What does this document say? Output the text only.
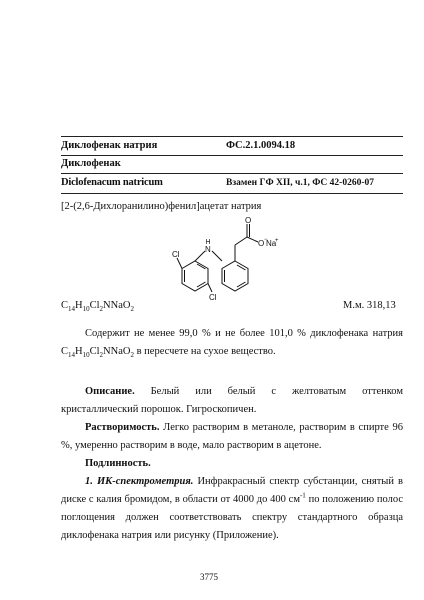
Диклофенак натрия	ФС.2.1.0094.18
Диклофенак
Diclofenacum natricum	Взамен ГФ XII, ч.1, ФС 42-0260-07
[2-(2,6-Дихлоранилино)фенил]ацетат натрия
O
O −
Na
+
N
H
Cl
Cl
$C_{14}H_{10}Cl_2NNaO_2$	М.м. 318,13
Содержит не менее 99,0 % и не более 101,0 % диклофенака натрия $C_{14}H_{10}Cl_2NNaO_2$ в пересчете на сухое вещество.
Описание. Белый или белый с желтоватым оттенком кристаллический порошок. Гигроскопичен.
Растворимость. Легко растворим в метаноле, растворим в спирте 96 %, умеренно растворим в воде, мало растворим в ацетоне.
Подлинность.
1. ИК-спектрометрия. Инфракрасный спектр субстанции, снятый в диске с калия бромидом, в области от 4000 до 400 $см^{-1}$ по положению полос поглощения должен соответствовать спектру стандартного образца диклофенака натрия или рисунку (Приложение).
3775
